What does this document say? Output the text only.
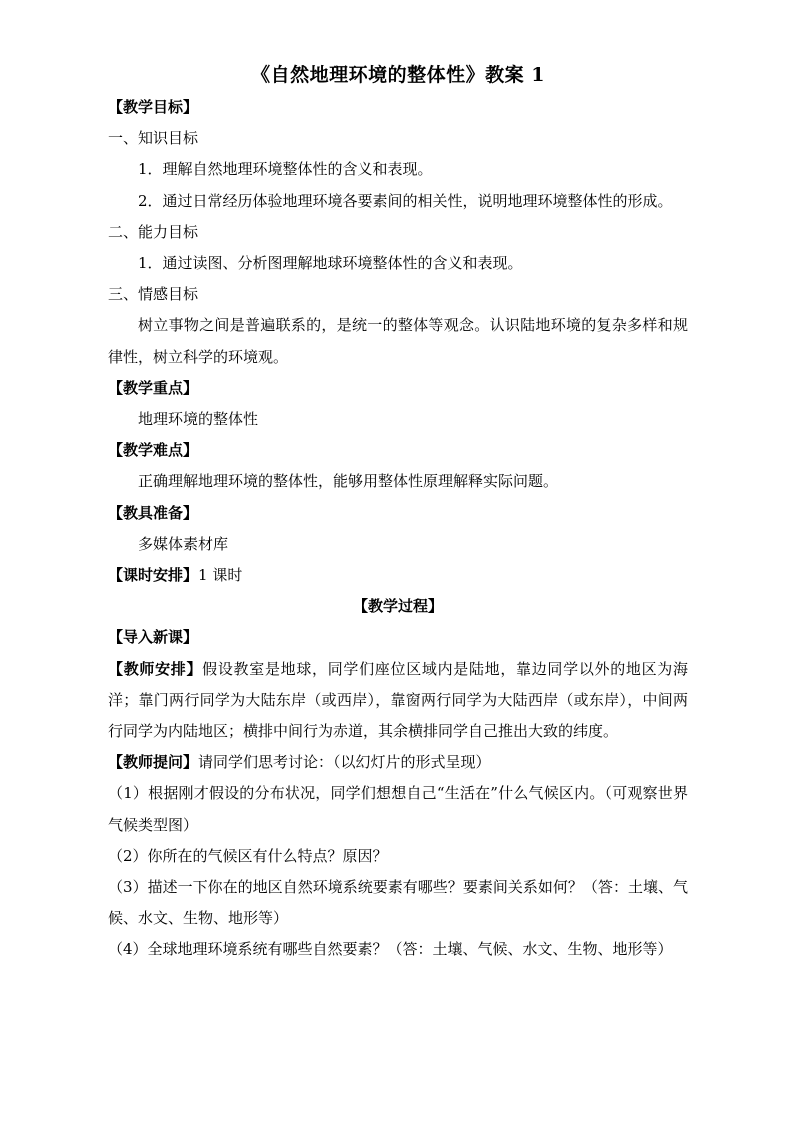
《自然地理环境的整体性》教案 1
【教学目标】
一、知识目标
1．理解自然地理环境整体性的含义和表现。
2．通过日常经历体验地理环境各要素间的相关性，说明地理环境整体性的形成。
二、能力目标
1．通过读图、分析图理解地球环境整体性的含义和表现。
三、情感目标
树立事物之间是普遍联系的，是统一的整体等观念。认识陆地环境的复杂多样和规律性，树立科学的环境观。
【教学重点】
地理环境的整体性
【教学难点】
正确理解地理环境的整体性，能够用整体性原理解释实际问题。
【教具准备】
多媒体素材库
【课时安排】1 课时
【教学过程】
【导入新课】
【教师安排】假设教室是地球，同学们座位区域内是陆地，靠边同学以外的地区为海洋；靠门两行同学为大陆东岸（或西岸），靠窗两行同学为大陆西岸（或东岸），中间两行同学为内陆地区；横排中间行为赤道，其余横排同学自己推出大致的纬度。
【教师提问】请同学们思考讨论：（以幻灯片的形式呈现）
（1）根据刚才假设的分布状况，同学们想想自己“生活在”什么气候区内。（可观察世界气候类型图）
（2）你所在的气候区有什么特点？原因？
（3）描述一下你在的地区自然环境系统要素有哪些？要素间关系如何？（答：土壤、气候、水文、生物、地形等）
（4）全球地理环境系统有哪些自然要素？（答：土壤、气候、水文、生物、地形等）
